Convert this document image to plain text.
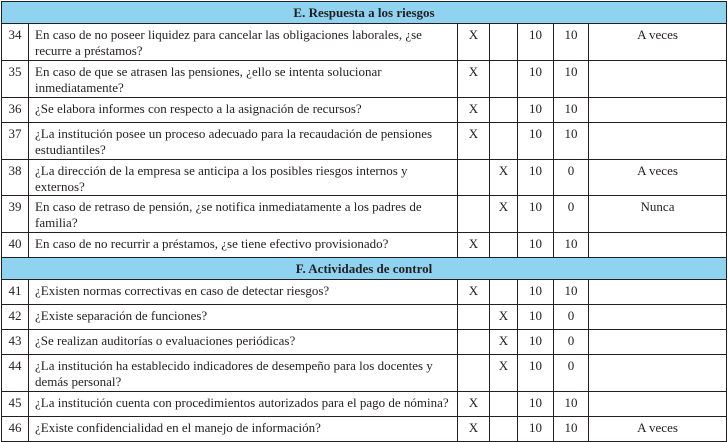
E. Respuesta a los riesgos						
34	En caso de no poseer liquidez para cancelar las obligaciones laborales, ¿se recurre a préstamos?	X		10	10	A veces
35	En caso de que se atrasen las pensiones, ¿ello se intenta solucionar inmediatamente?	X		10	10	
36	¿Se elabora informes con respecto a la asignación de recursos?	X		10	10	
37	¿La institución posee un proceso adecuado para la recaudación de pensiones estudiantiles?	X		10	10	
38	¿La dirección de la empresa se anticipa a los posibles riesgos internos y externos?		X	10	0	A veces
39	En caso de retraso de pensión, ¿se notifica inmediatamente a los padres de familia?		X	10	0	Nunca
40	En caso de no recurrir a préstamos, ¿se tiene efectivo provisionado?	X		10	10	
F. Actividades de control						
41	¿Existen normas correctivas en caso de detectar riesgos?	X		10	10	
42	¿Existe separación de funciones?		X	10	0	
43	¿Se realizan auditorías o evaluaciones periódicas?		X	10	0	
44	¿La institución ha establecido indicadores de desempeño para los docentes y demás personal?		X	10	0	
45	¿La institución cuenta con procedimientos autorizados para el pago de nómina?	X		10	10	
46	¿Existe confidencialidad en el manejo de información?	X		10	10	A veces
